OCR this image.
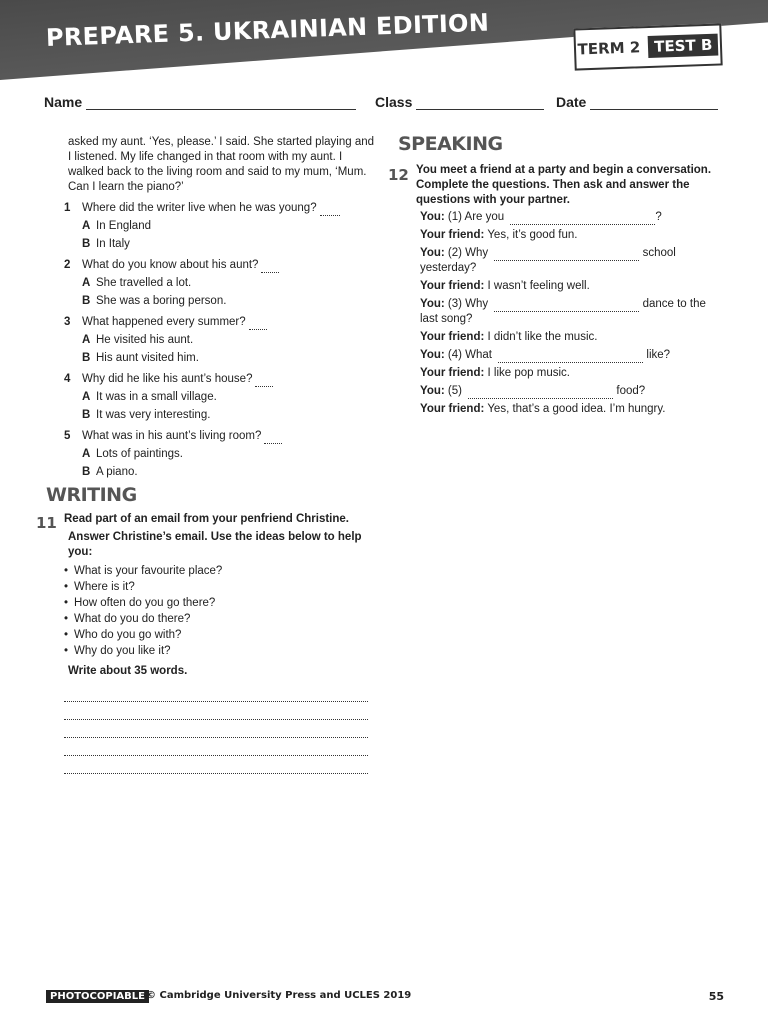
PREPARE 5. UKRAINIAN EDITION	TERM 2 TEST B
Name	Class	Date

asked my aunt. ‘Yes, please.’ I said. She started playing and I listened. My life changed in that room with my aunt. I walked back to the living room and said to my mum, ‘Mum. Can I learn the piano?’

1	Where did the writer live when he was young?
A In England
B In Italy
2	What do you know about his aunt?
A She travelled a lot.
B She was a boring person.
3	What happened every summer?
A He visited his aunt.
B His aunt visited him.
4	Why did he like his aunt’s house?
A It was in a small village.
B It was very interesting.
5	What was in his aunt’s living room?
A Lots of paintings.
B A piano.
WRITING
11 Read part of an email from your penfriend Christine.
Answer Christine’s email. Use the ideas below to help you:
• What is your favourite place?
• Where is it?
• How often do you go there?
• What do you do there?
• Who do you go with?
• Why do you like it?
Write about 35 words.
SPEAKING
12 You meet a friend at a party and begin a conversation. Complete the questions. Then ask and answer the questions with your partner.
You: (1) Are you	?
Your friend: Yes, it’s good fun.
You: (2) Why	school yesterday?
Your friend: I wasn’t feeling well.
You: (3) Why	dance to the last song?
Your friend: I didn’t like the music.
You: (4) What	like?
Your friend: I like pop music.
You: (5)	food?
Your friend: Yes, that’s a good idea. I’m hungry.
PHOTOCOPIABLE © Cambridge University Press and UCLES 2019	55
